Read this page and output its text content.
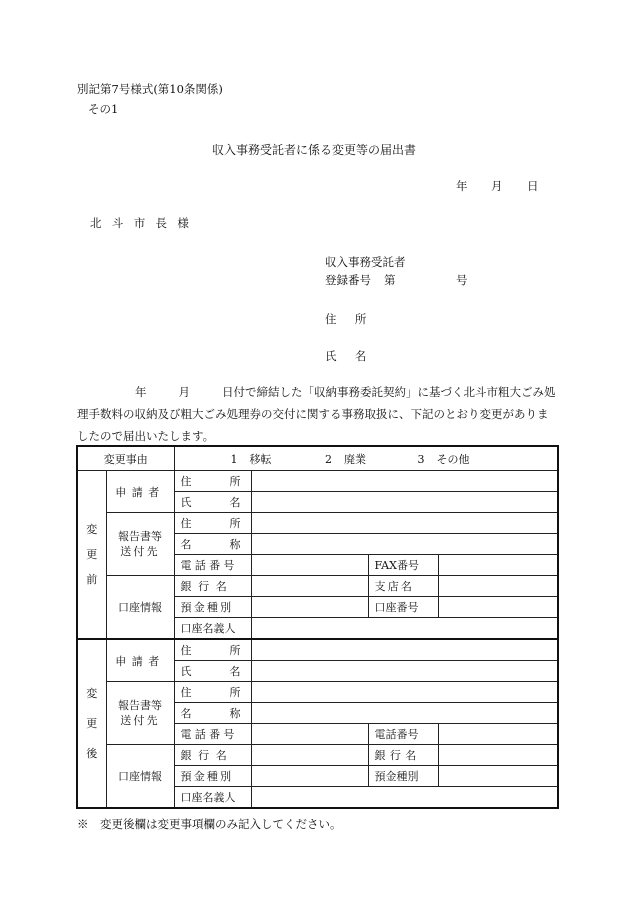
別記第7号様式(第10条関係)
その1
収入事務受託者に係る変更等の届出書
年 月 日
北斗市長様
収入事務受託者
登録番号 第	号
住所
氏名
年	月	日付で締結した「収納事務委託契約」に基づく北斗市粗大ごみ処理手数料の収納及び粗大ごみ処理券の交付に関する事務取扱に、下記のとおり変更がありましたので届出いたします。
変更事由		1 移転 2 廃業 3 その他			
変更前	申請者	住 所			

		氏 名			

	報告書等
送付先	住 所			

		名 称			

		電話番号		FAX番号	
	口座情報	銀行名		支店名	
		預金種別		口座番号	
		口座名義人			
変更後	申請者	住 所			

		氏 名			

	報告書等
送付先	住 所			

		名 称			

		電話番号		電話番号	
	口座情報	銀行名		銀行名	
		預金種別		預金種別	
		口座名義人			
※　変更後欄は変更事項欄のみ記入してください。
